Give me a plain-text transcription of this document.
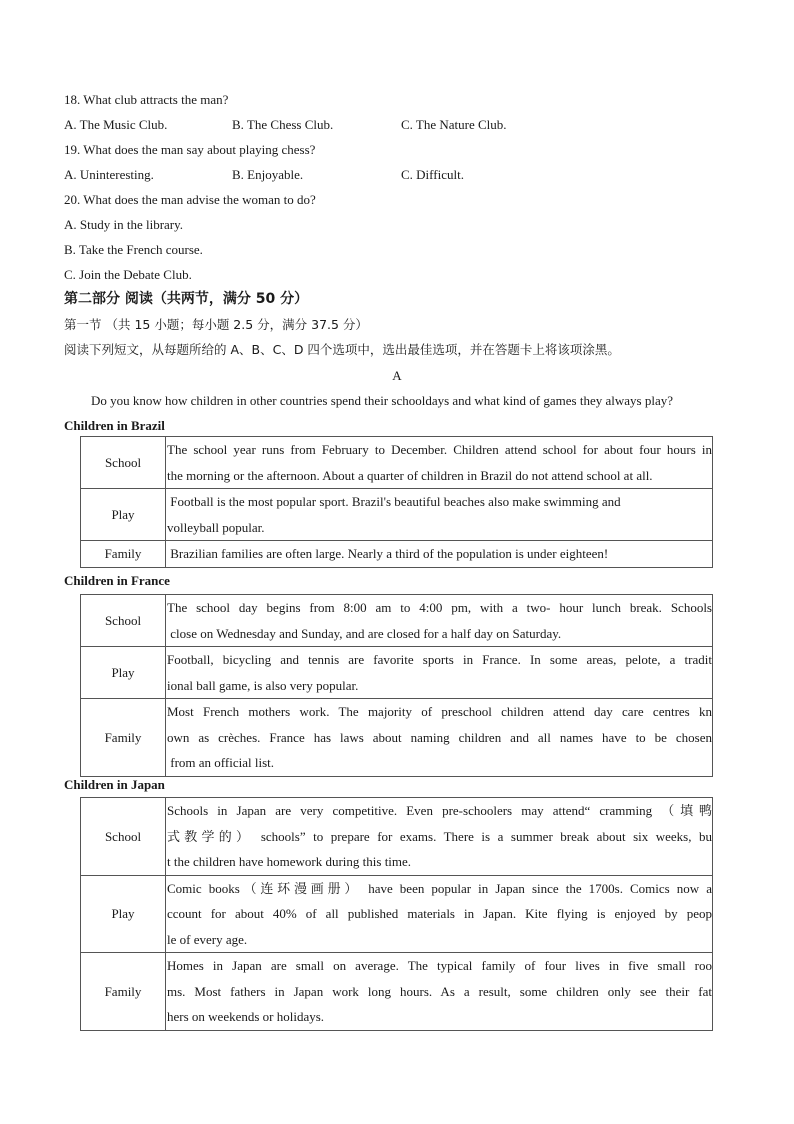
18. What club attracts the man?
A. The Music Club.	B. The Chess Club.	C. The Nature Club.
19. What does the man say about playing chess?
A. Uninteresting.	B. Enjoyable.	C. Difficult.
20. What does the man advise the woman to do?
A. Study in the library.
B. Take the French course.
C. Join the Debate Club.
第二部分 阅读（共两节，满分 50 分）
第一节 （共 15 小题；每小题 2.5 分，满分 37.5 分）
阅读下列短文，从每题所给的 A、B、C、D 四个选项中，选出最佳选项，并在答题卡上将该项涂黑。
A
Do you know how children in other countries spend their schooldays and what kind of games they always play?
Children in Brazil
School	The school year runs from February to December. Children attend school for about four hours in
the morning or the afternoon. About a quarter of children in Brazil do not attend school at all.

Play	Football is the most popular sport. Brazil's beautiful beaches also make swimming and
volleyball popular.

Family	Brazilian families are often large. Nearly a third of the population is under eighteen!
Children in France
School	The school day begins from 8:00 am to 4:00 pm, with a two- hour lunch break. Schools
close on Wednesday and Sunday, and are closed for a half day on Saturday.

Play	Football, bicycling and tennis are favorite sports in France. In some areas, pelote, a tradit
ional ball game, is also very popular.

Family	Most French mothers work. The majority of preschool children attend day care centres kn
own as crèches. France has laws about naming children and all names have to be chosen
from an official list.
Children in Japan
School	Schools in Japan are very competitive. Even pre-schoolers may attend“ cramming （填鸭
式教学的） schools” to prepare for exams. There is a summer break about six weeks, bu
t the children have homework during this time.

Play	Comic books（连环漫画册） have been popular in Japan since the 1700s. Comics now a
ccount for about 40% of all published materials in Japan. Kite flying is enjoyed by peop
le of every age.

Family	Homes in Japan are small on average. The typical family of four lives in five small roo
ms. Most fathers in Japan work long hours. As a result, some children only see their fat
hers on weekends or holidays.
